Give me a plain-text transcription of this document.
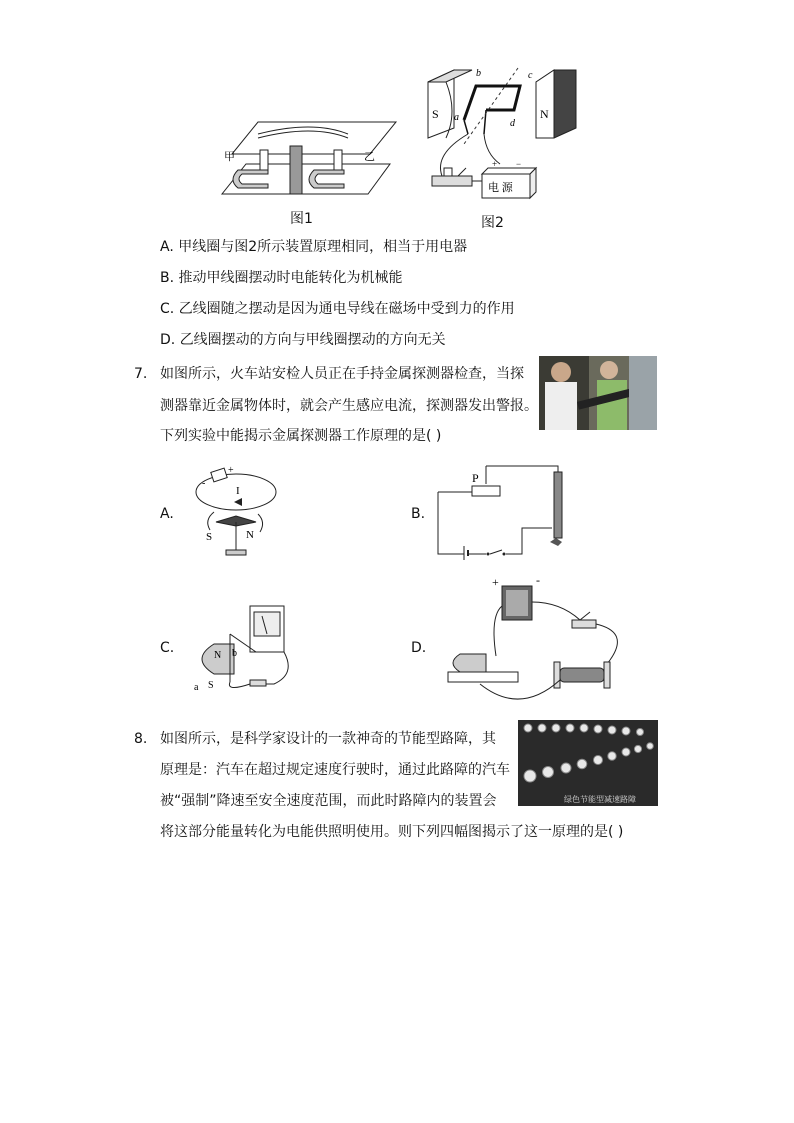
甲	乙
图1
S	N
a
b	c
d
+ −
电 源
图2
A. 甲线圈与图2所示装置原理相同，相当于用电器
B. 推动甲线圈摆动时电能转化为机械能
C. 乙线圈随之摆动是因为通电导线在磁场中受到力的作用
D. 乙线圈摆动的方向与甲线圈摆动的方向无关
7. 如图所示，火车站安检人员正在手持金属探测器检查，当探
测器靠近金属物体时，就会产生感应电流，探测器发出警报。
下列实验中能揭示金属探测器工作原理的是( )
A.
-
+
I
S	N
B.
P
C.	N
S
b
a
D.
+	-
8. 如图所示，是科学家设计的一款神奇的节能型路障，其
原理是：汽车在超过规定速度行驶时，通过此路障的汽车
被“强制”降速至安全速度范围，而此时路障内的装置会
将这部分能量转化为电能供照明使用。则下列四幅图揭示了这一原理的是( )
绿色节能型减速路障
